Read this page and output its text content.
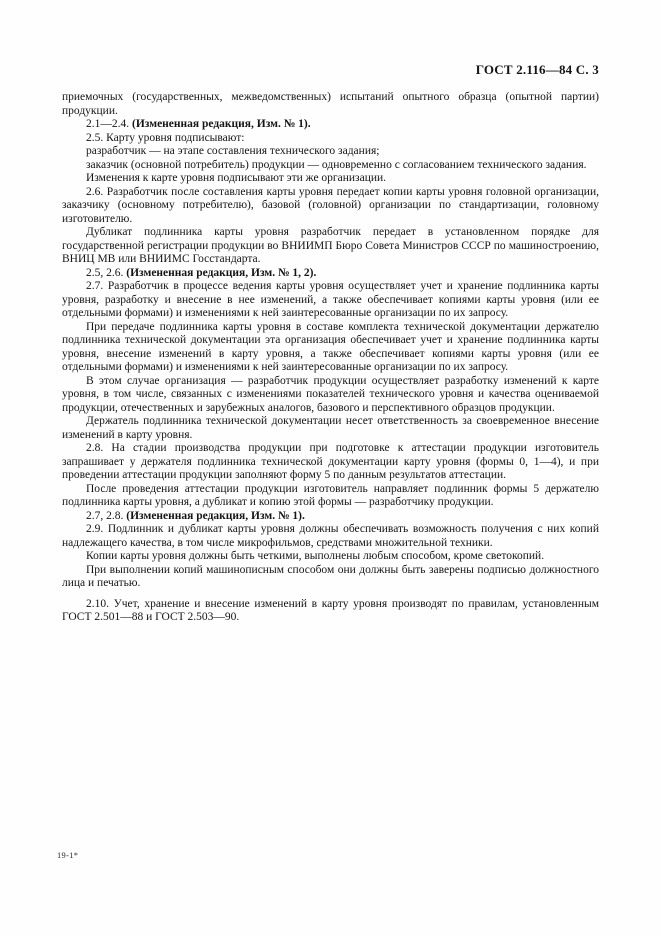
ГОСТ 2.116—84 С. 3

приемочных (государственных, межведомственных) испытаний опытного образца (опытной партии) продукции.

2.1—2.4. (Измененная редакция, Изм. № 1).

2.5. Карту уровня подписывают:

разработчик — на этапе составления технического задания;

заказчик (основной потребитель) продукции — одновременно с согласованием технического задания.

Изменения к карте уровня подписывают эти же организации.

2.6. Разработчик после составления карты уровня передает копии карты уровня головной организации, заказчику (основному потребителю), базовой (головной) организации по стандартизации, головному изготовителю.

Дубликат подлинника карты уровня разработчик передает в установленном порядке для государственной регистрации продукции во ВНИИМП Бюро Совета Министров СССР по машиностроению, ВНИЦ МВ или ВНИИМС Госстандарта.

2.5, 2.6. (Измененная редакция, Изм. № 1, 2).

2.7. Разработчик в процессе ведения карты уровня осуществляет учет и хранение подлинника карты уровня, разработку и внесение в нее изменений, а также обеспечивает копиями карты уровня (или ее отдельными формами) и изменениями к ней заинтересованные организации по их запросу.

При передаче подлинника карты уровня в составе комплекта технической документации держателю подлинника технической документации эта организация обеспечивает учет и хранение подлинника карты уровня, внесение изменений в карту уровня, а также обеспечивает копиями карты уровня (или ее отдельными формами) и изменениями к ней заинтересованные организации по их запросу.

В этом случае организация — разработчик продукции осуществляет разработку изменений к карте уровня, в том числе, связанных с изменениями показателей технического уровня и качества оцениваемой продукции, отечественных и зарубежных аналогов, базового и перспективного образцов продукции.

Держатель подлинника технической документации несет ответственность за своевременное внесение изменений в карту уровня.

2.8. На стадии производства продукции при подготовке к аттестации продукции изготовитель запрашивает у держателя подлинника технической документации карту уровня (формы 0, 1—4), и при проведении аттестации продукции заполняют форму 5 по данным результатов аттестации.

После проведения аттестации продукции изготовитель направляет подлинник формы 5 держателю подлинника карты уровня, а дубликат и копию этой формы — разработчику продукции.

2.7, 2.8. (Измененная редакция, Изм. № 1).

2.9. Подлинник и дубликат карты уровня должны обеспечивать возможность получения с них копий надлежащего качества, в том числе микрофильмов, средствами множительной техники.

Копии карты уровня должны быть четкими, выполнены любым способом, кроме светокопий.

При выполнении копий машинописным способом они должны быть заверены подписью должностного лица и печатью.

2.10. Учет, хранение и внесение изменений в карту уровня производят по правилам, установленным ГОСТ 2.501—88 и ГОСТ 2.503—90.

19-1*
